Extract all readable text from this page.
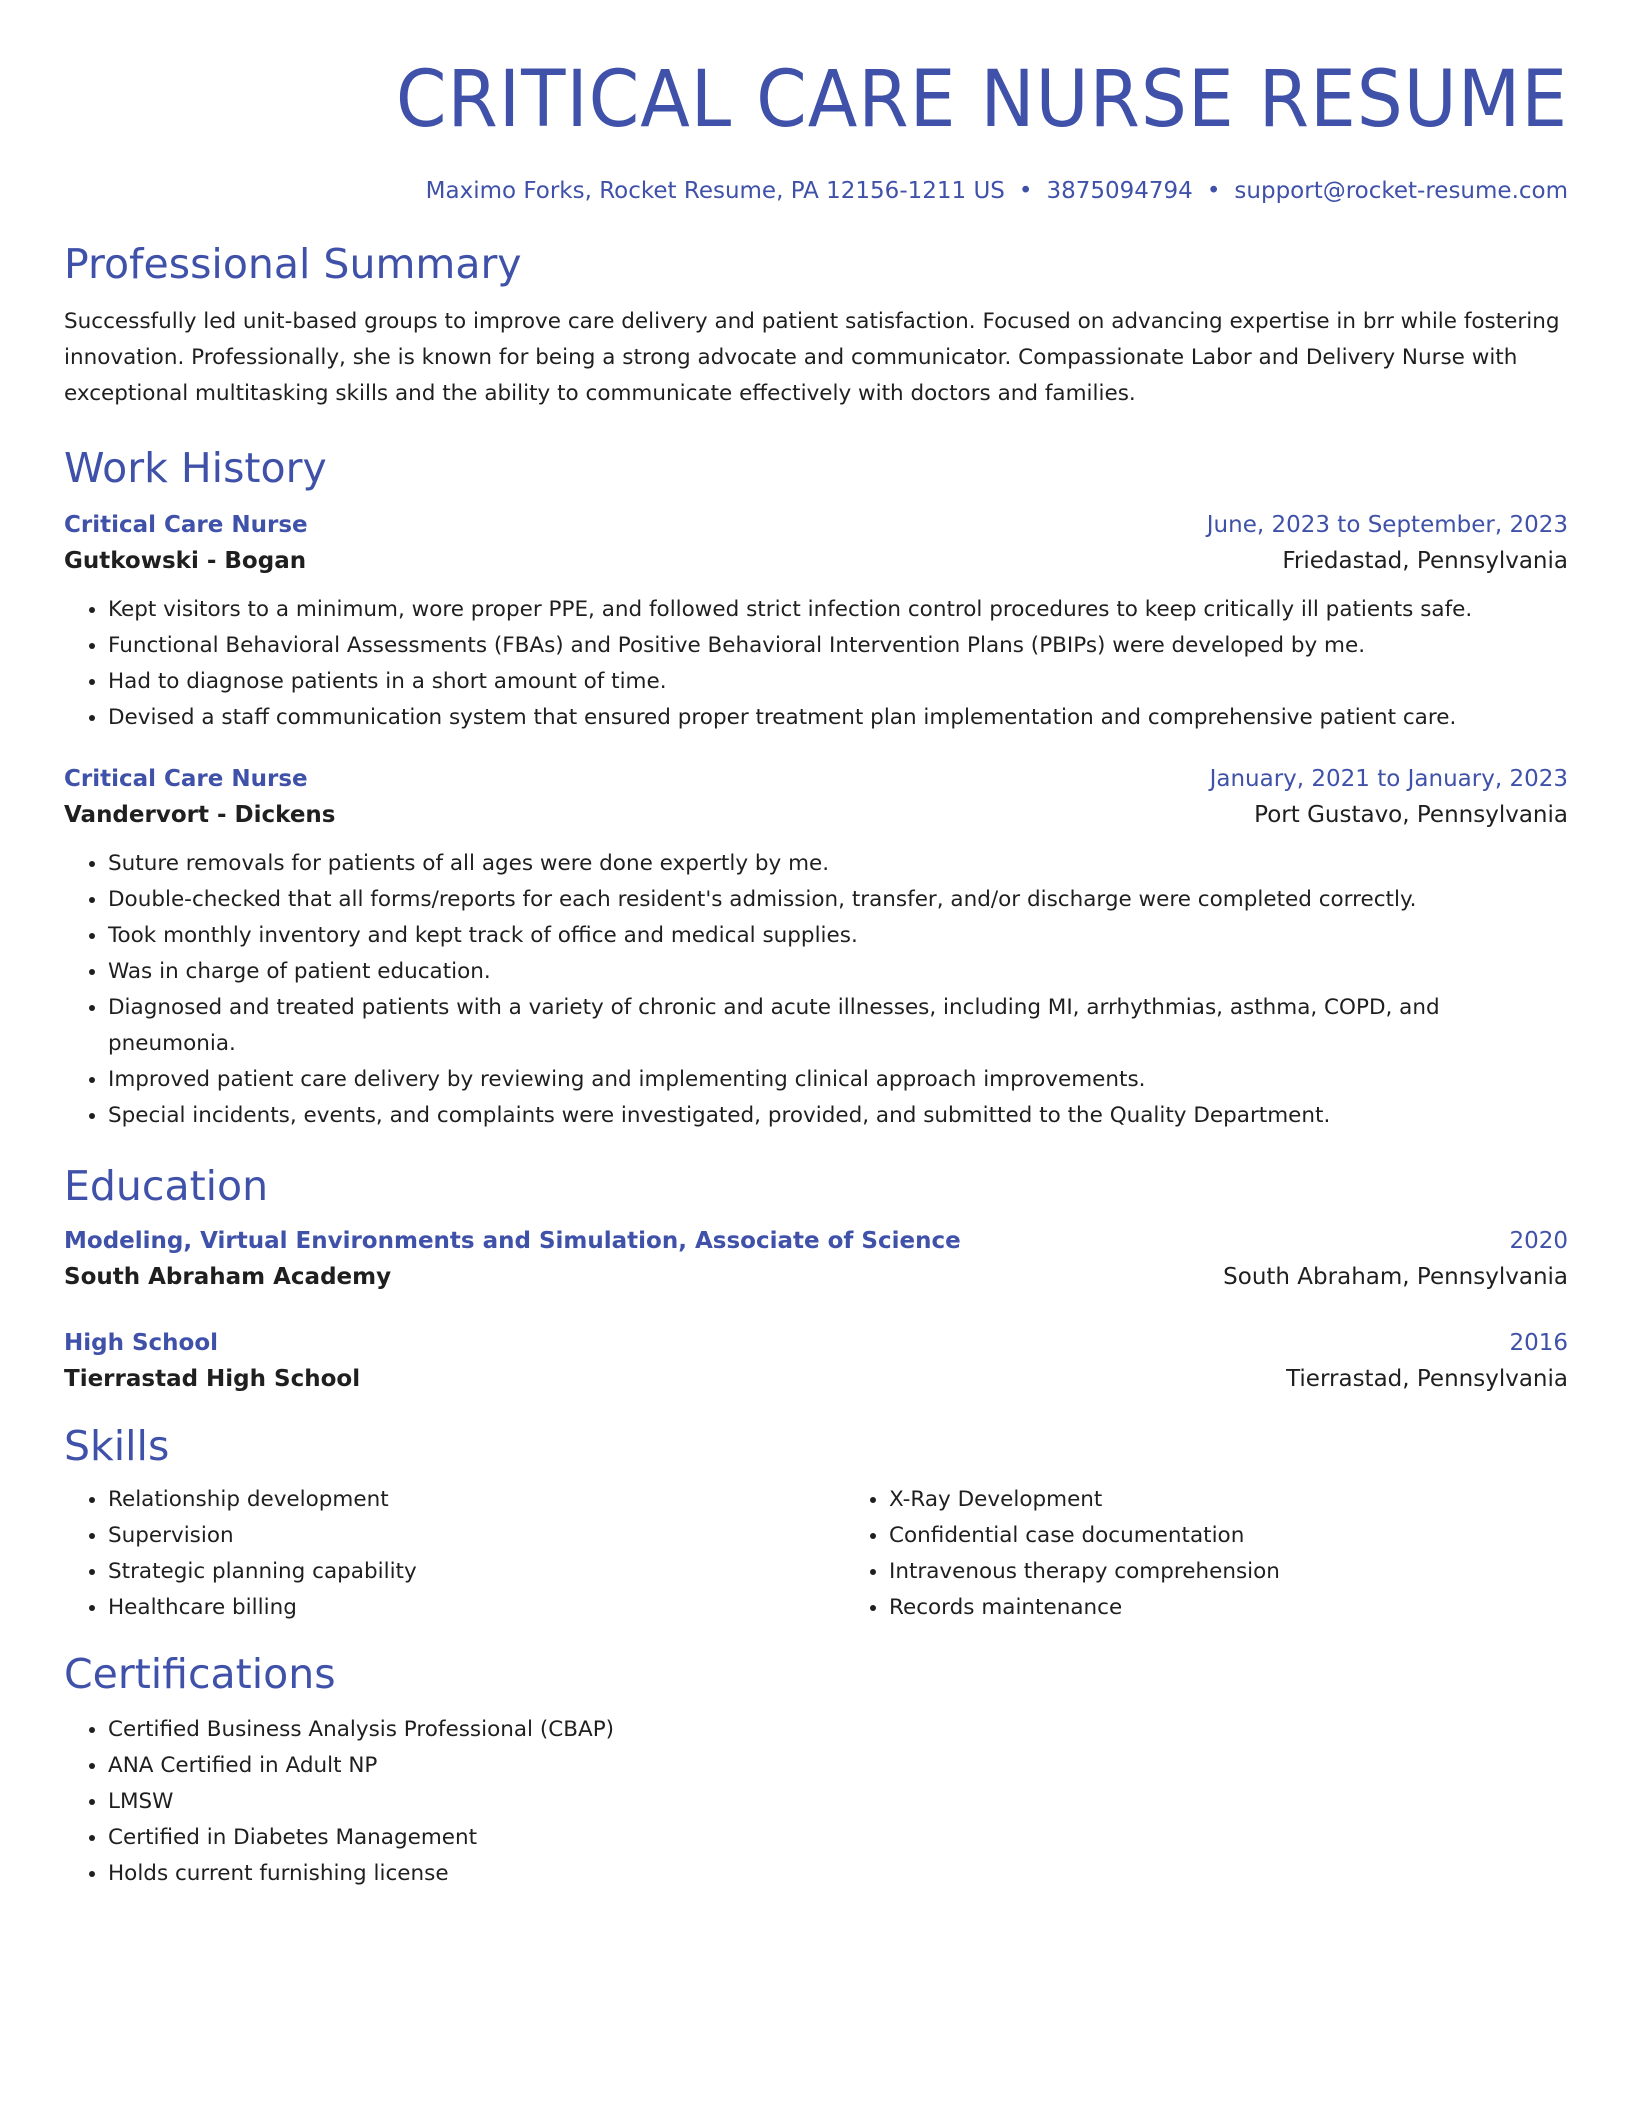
CRITICAL CARE NURSE RESUME
Maximo Forks, Rocket Resume, PA 12156-1211 US • 3875094794 • support@rocket-resume.com
Professional Summary

Successfully led unit-based groups to improve care delivery and patient satisfaction. Focused on advancing expertise in brr while fostering innovation. Professionally, she is known for being a strong advocate and communicator. Compassionate Labor and Delivery Nurse with exceptional multitasking skills and the ability to communicate effectively with doctors and families.

Work History
Critical Care Nurse	June, 2023 to September, 2023
Gutkowski - Bogan	Friedastad, Pennsylvania
• Kept visitors to a minimum, wore proper PPE, and followed strict infection control procedures to keep critically ill patients safe.
• Functional Behavioral Assessments (FBAs) and Positive Behavioral Intervention Plans (PBIPs) were developed by me.
• Had to diagnose patients in a short amount of time.
• Devised a staff communication system that ensured proper treatment plan implementation and comprehensive patient care.
Critical Care Nurse	January, 2021 to January, 2023
Vandervort - Dickens	Port Gustavo, Pennsylvania
• Suture removals for patients of all ages were done expertly by me.
• Double-checked that all forms/reports for each resident's admission, transfer, and/or discharge were completed correctly.
• Took monthly inventory and kept track of office and medical supplies.
• Was in charge of patient education.
• Diagnosed and treated patients with a variety of chronic and acute illnesses, including MI, arrhythmias, asthma, COPD, and pneumonia.
• Improved patient care delivery by reviewing and implementing clinical approach improvements.
• Special incidents, events, and complaints were investigated, provided, and submitted to the Quality Department.
Education
Modeling, Virtual Environments and Simulation, Associate of Science	2020
South Abraham Academy	South Abraham, Pennsylvania
High School	2016
Tierrastad High School	Tierrastad, Pennsylvania
Skills
• Relationship development
• Supervision
• Strategic planning capability
• Healthcare billing
• X-Ray Development
• Confidential case documentation
• Intravenous therapy comprehension
• Records maintenance
Certifications
• Certified Business Analysis Professional (CBAP)
• ANA Certified in Adult NP
• LMSW
• Certified in Diabetes Management
• Holds current furnishing license
